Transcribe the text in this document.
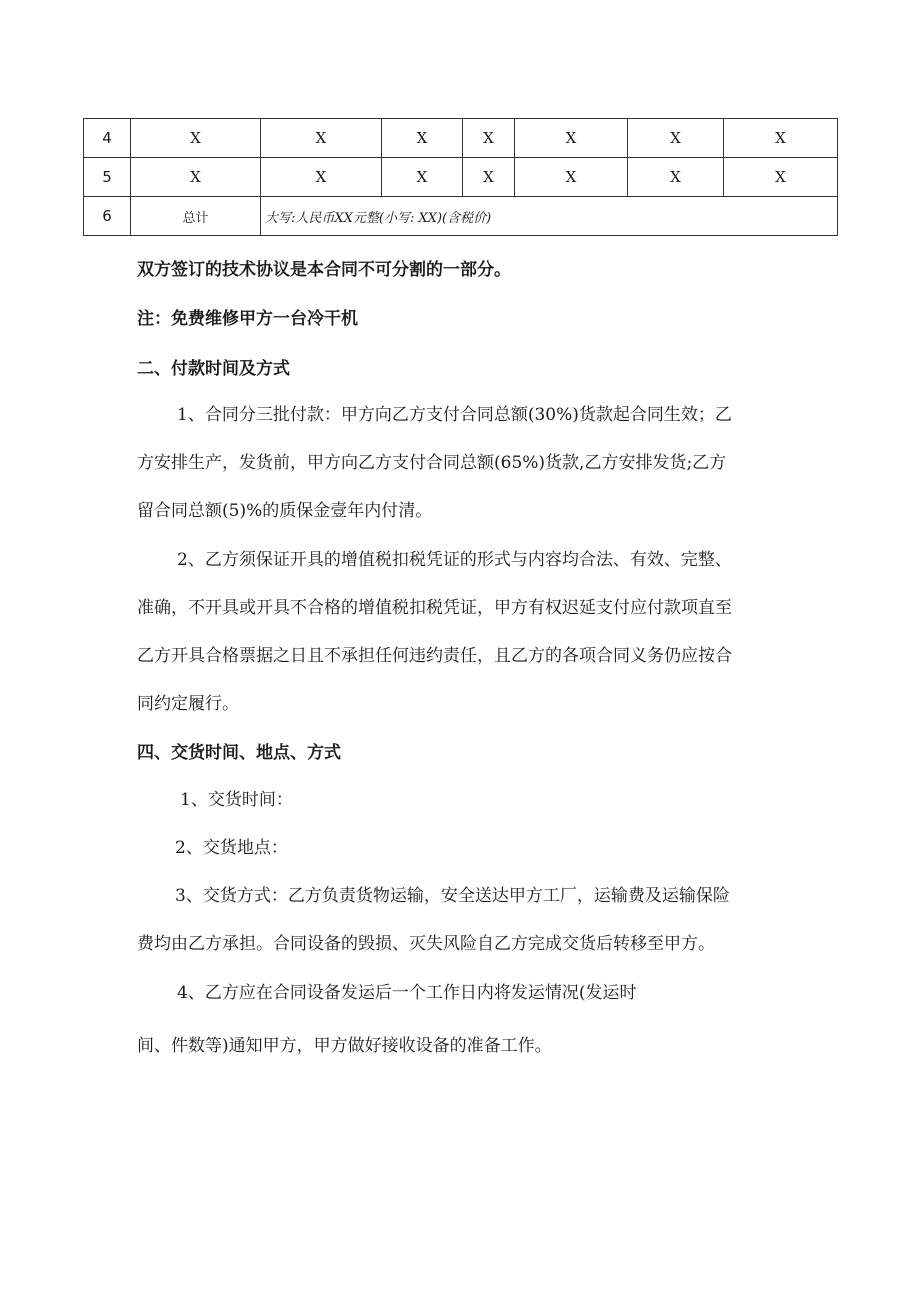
4	X	X	X	X	X	X	X
5	X	X	X	X	X	X	X
6	总计	大写:人民币XX元整(小写: XX)(含税价)					
双方签订的技术协议是本合同不可分割的一部分。
注：免费维修甲方一台冷干机
二、付款时间及方式
1、合同分三批付款：甲方向乙方支付合同总额(30%)货款起合同生效；乙
方安排生产，发货前，甲方向乙方支付合同总额(65%)货款,乙方安排发货;乙方
留合同总额(5)%的质保金壹年内付清。
2、乙方须保证开具的增值税扣税凭证的形式与内容均合法、有效、完整、
准确，不开具或开具不合格的增值税扣税凭证，甲方有权迟延支付应付款项直至
乙方开具合格票据之日且不承担任何违约责任，且乙方的各项合同义务仍应按合
同约定履行。
四、交货时间、地点、方式
1、交货时间：
2、交货地点：
3、交货方式：乙方负责货物运输，安全送达甲方工厂，运输费及运输保险
费均由乙方承担。合同设备的毁损、灭失风险自乙方完成交货后转移至甲方。
4、乙方应在合同设备发运后一个工作日内将发运情况(发运时
间、件数等)通知甲方，甲方做好接收设备的准备工作。
